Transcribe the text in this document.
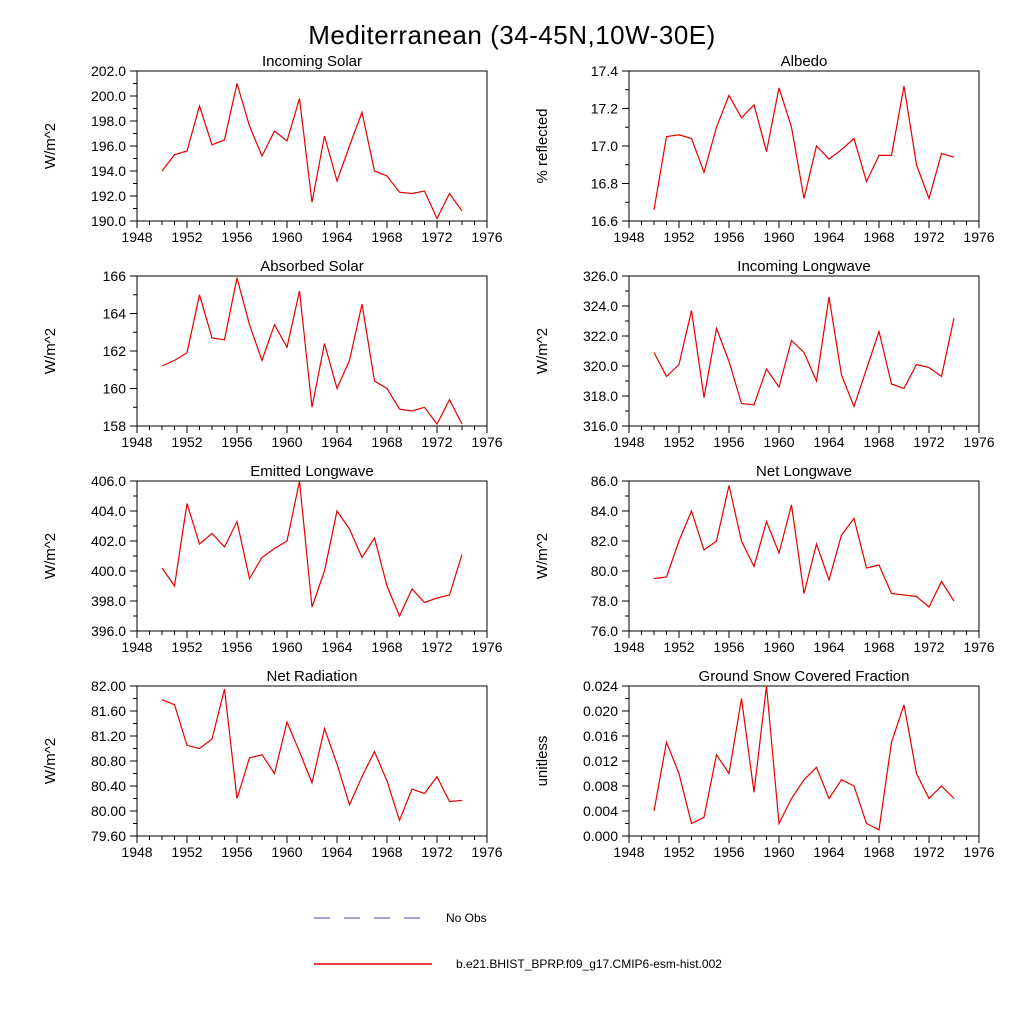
Mediterranean (34-45N,10W-30E)
Incoming Solar
W/m^2
1948 1952 1956 1960 1964 1968 1972 1976
190.0
192.0
194.0
196.0
198.0
200.0
202.0
Albedo
% reflected
1948 1952 1956 1960 1964 1968 1972 1976
16.6
16.8
17.0
17.2
17.4
Absorbed Solar
W/m^2
1948 1952 1956 1960 1964 1968 1972 1976
158
160
162
164
166
Incoming Longwave
W/m^2
1948 1952 1956 1960 1964 1968 1972 1976
316.0
318.0
320.0
322.0
324.0
326.0
Emitted Longwave
W/m^2
1948 1952 1956 1960 1964 1968 1972 1976
396.0
398.0
400.0
402.0
404.0
406.0
Net Longwave
W/m^2
1948 1952 1956 1960 1964 1968 1972 1976
76.0
78.0
80.0
82.0
84.0
86.0
Net Radiation
W/m^2
1948 1952 1956 1960 1964 1968 1972 1976
79.60
80.00
80.40
80.80
81.20
81.60
82.00
Ground Snow Covered Fraction
unitless
1948 1952 1956 1960 1964 1968 1972 1976
0.000
0.004
0.008
0.012
0.016
0.020
0.024
No Obs
b.e21.BHIST_BPRP.f09_g17.CMIP6-esm-hist.002
